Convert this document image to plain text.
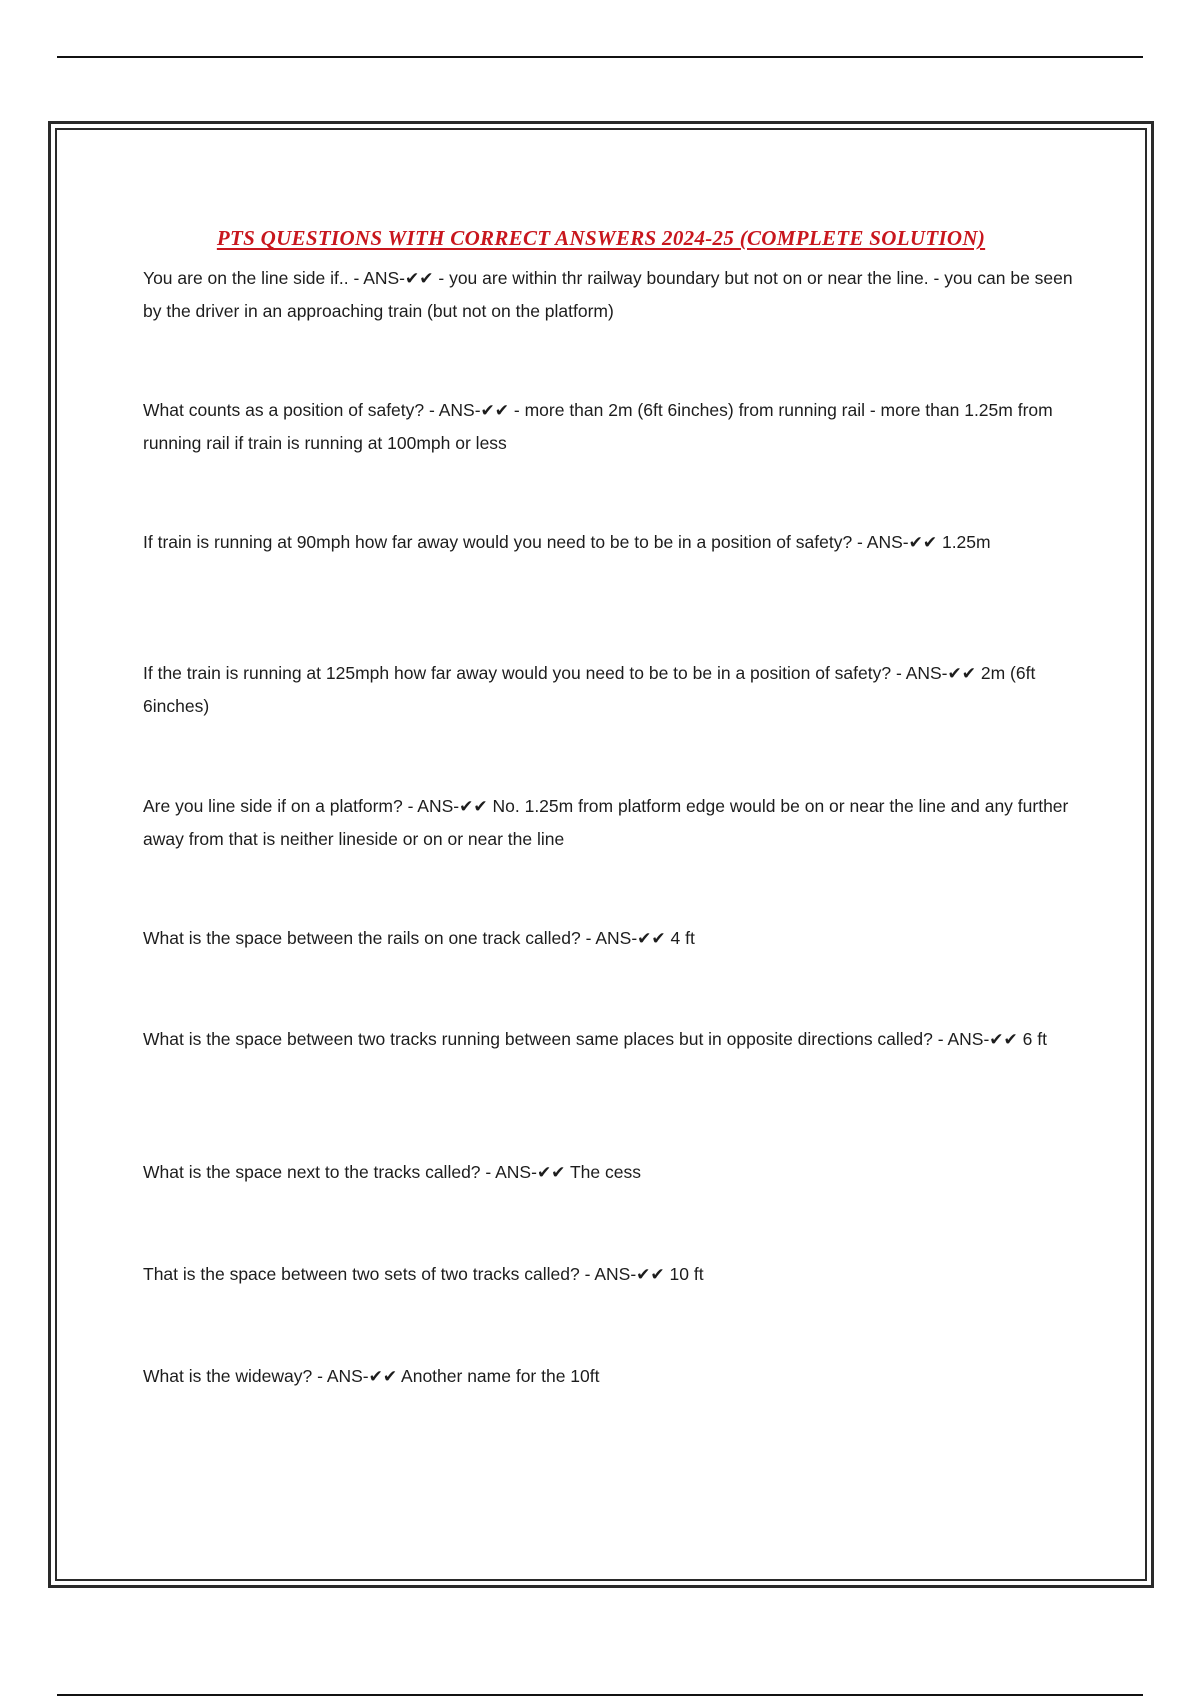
PTS QUESTIONS WITH CORRECT ANSWERS 2024-25 (COMPLETE SOLUTION)
You are on the line side if.. - ANS-✔✔ - you are within thr railway boundary but not on or near the line. - you can be seen by the driver in an approaching train (but not on the platform)
What counts as a position of safety? - ANS-✔✔ - more than 2m (6ft 6inches) from running rail - more than 1.25m from running rail if train is running at 100mph or less
If train is running at 90mph how far away would you need to be to be in a position of safety? - ANS-✔✔ 1.25m
If the train is running at 125mph how far away would you need to be to be in a position of safety? - ANS-✔✔ 2m (6ft 6inches)
Are you line side if on a platform? - ANS-✔✔ No. 1.25m from platform edge would be on or near the line and any further away from that is neither lineside or on or near the line
What is the space between the rails on one track called? - ANS-✔✔ 4 ft
What is the space between two tracks running between same places but in opposite directions called? - ANS-✔✔ 6 ft
What is the space next to the tracks called? - ANS-✔✔ The cess
That is the space between two sets of two tracks called? - ANS-✔✔ 10 ft
What is the wideway? - ANS-✔✔ Another name for the 10ft
